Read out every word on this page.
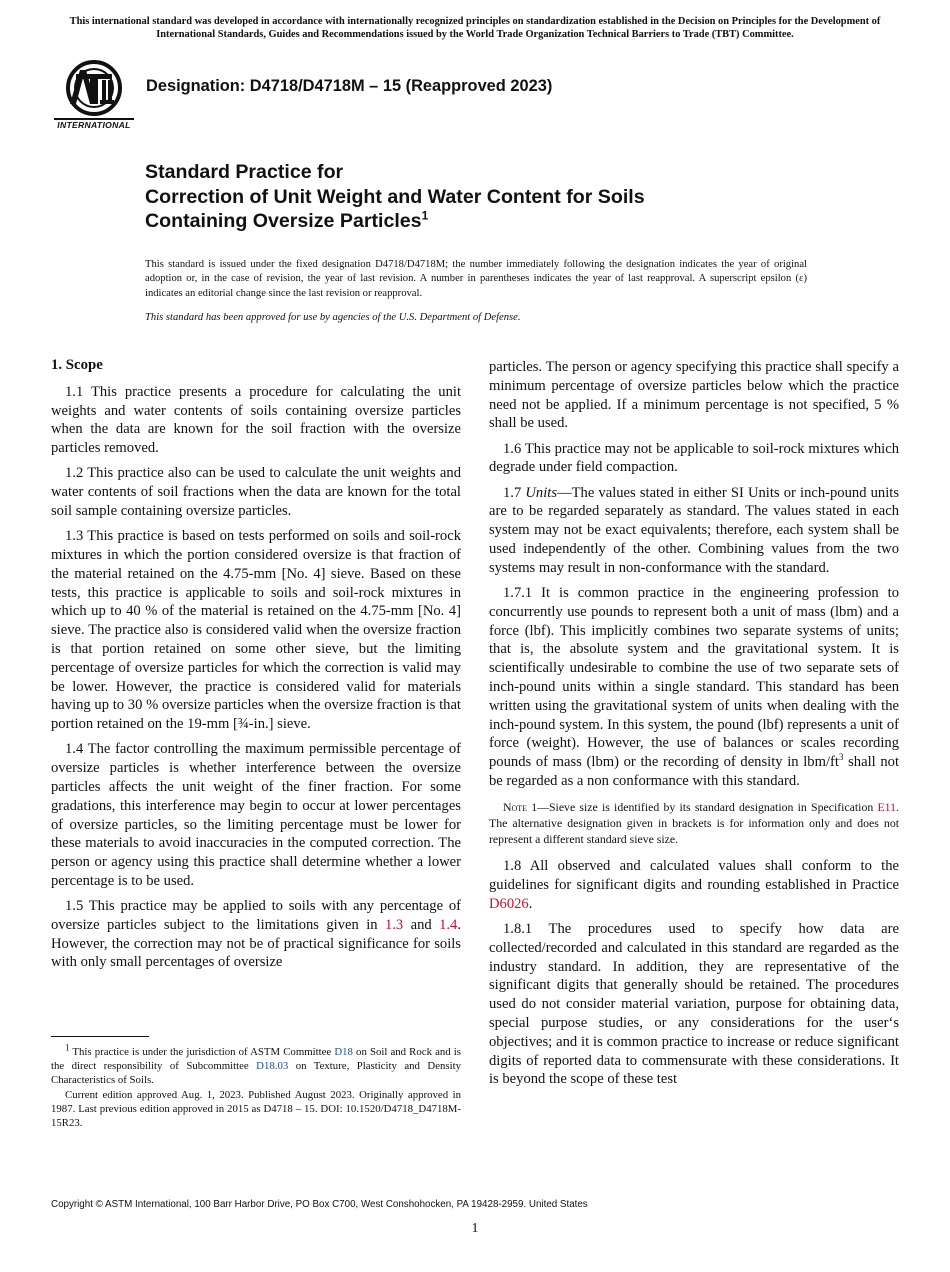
This international standard was developed in accordance with internationally recognized principles on standardization established in the Decision on Principles for the Development of International Standards, Guides and Recommendations issued by the World Trade Organization Technical Barriers to Trade (TBT) Committee.
INTERNATIONAL
Designation: D4718/D4718M – 15 (Reapproved 2023)
Standard Practice for
Correction of Unit Weight and Water Content for Soils
Containing Oversize Particles$^1$
This standard is issued under the fixed designation D4718/D4718M; the number immediately following the designation indicates the year of original adoption or, in the case of revision, the year of last revision. A number in parentheses indicates the year of last reapproval. A superscript epsilon (ε) indicates an editorial change since the last revision or reapproval.
This standard has been approved for use by agencies of the U.S. Department of Defense.
1. Scope

1.1 This practice presents a procedure for calculating the unit weights and water contents of soils containing oversize particles when the data are known for the soil fraction with the oversize particles removed.

1.2 This practice also can be used to calculate the unit weights and water contents of soil fractions when the data are known for the total soil sample containing oversize particles.

1.3 This practice is based on tests performed on soils and soil-rock mixtures in which the portion considered oversize is that fraction of the material retained on the 4.75-mm [No. 4] sieve. Based on these tests, this practice is applicable to soils and soil-rock mixtures in which up to 40 % of the material is retained on the 4.75-mm [No. 4] sieve. The practice also is considered valid when the oversize fraction is that portion retained on some other sieve, but the limiting percentage of oversize particles for which the correction is valid may be lower. However, the practice is considered valid for materials having up to 30 % oversize particles when the oversize fraction is that portion retained on the 19-mm [¾-in.] sieve.

1.4 The factor controlling the maximum permissible percentage of oversize particles is whether interference between the oversize particles affects the unit weight of the finer fraction. For some gradations, this interference may begin to occur at lower percentages of oversize particles, so the limiting percentage must be lower for these materials to avoid inaccuracies in the computed correction. The person or agency using this practice shall determine whether a lower percentage is to be used.

1.5 This practice may be applied to soils with any percentage of oversize particles subject to the limitations given in 1.3 and 1.4. However, the correction may not be of practical significance for soils with only small percentages of oversize

particles. The person or agency specifying this practice shall specify a minimum percentage of oversize particles below which the practice need not be applied. If a minimum percentage is not specified, 5 % shall be used.

1.6 This practice may not be applicable to soil-rock mixtures which degrade under field compaction.

1.7 Units—The values stated in either SI Units or inch-pound units are to be regarded separately as standard. The values stated in each system may not be exact equivalents; therefore, each system shall be used independently of the other. Combining values from the two systems may result in non-conformance with the standard.

1.7.1 It is common practice in the engineering profession to concurrently use pounds to represent both a unit of mass (lbm) and a force (lbf). This implicitly combines two separate systems of units; that is, the absolute system and the gravitational system. It is scientifically undesirable to combine the use of two separate sets of inch-pound units within a single standard. This standard has been written using the gravitational system of units when dealing with the inch-pound system. In this system, the pound (lbf) represents a unit of force (weight). However, the use of balances or scales recording pounds of mass (lbm) or the recording of density in lbm/$ft^3$ shall not be regarded as a non conformance with this standard.

Note 1—Sieve size is identified by its standard designation in Specification E11. The alternative designation given in brackets is for information only and does not represent a different standard sieve size.

1.8 All observed and calculated values shall conform to the guidelines for significant digits and rounding established in Practice D6026.

1.8.1 The procedures used to specify how data are collected/recorded and calculated in this standard are regarded as the industry standard. In addition, they are representative of the significant digits that generally should be retained. The procedures used do not consider material variation, purpose for obtaining data, special purpose studies, or any considerations for the user‘s objectives; and it is common practice to increase or reduce significant digits of reported data to commensurate with these considerations. It is beyond the scope of these test

$^1$ This practice is under the jurisdiction of ASTM Committee D18 on Soil and Rock and is the direct responsibility of Subcommittee D18.03 on Texture, Plasticity and Density Characteristics of Soils.

Current edition approved Aug. 1, 2023. Published August 2023. Originally approved in 1987. Last previous edition approved in 2015 as D4718 – 15. DOI: 10.1520/D4718_D4718M-15R23.

Copyright © ASTM International, 100 Barr Harbor Drive, PO Box C700, West Conshohocken, PA 19428-2959. United States
1
